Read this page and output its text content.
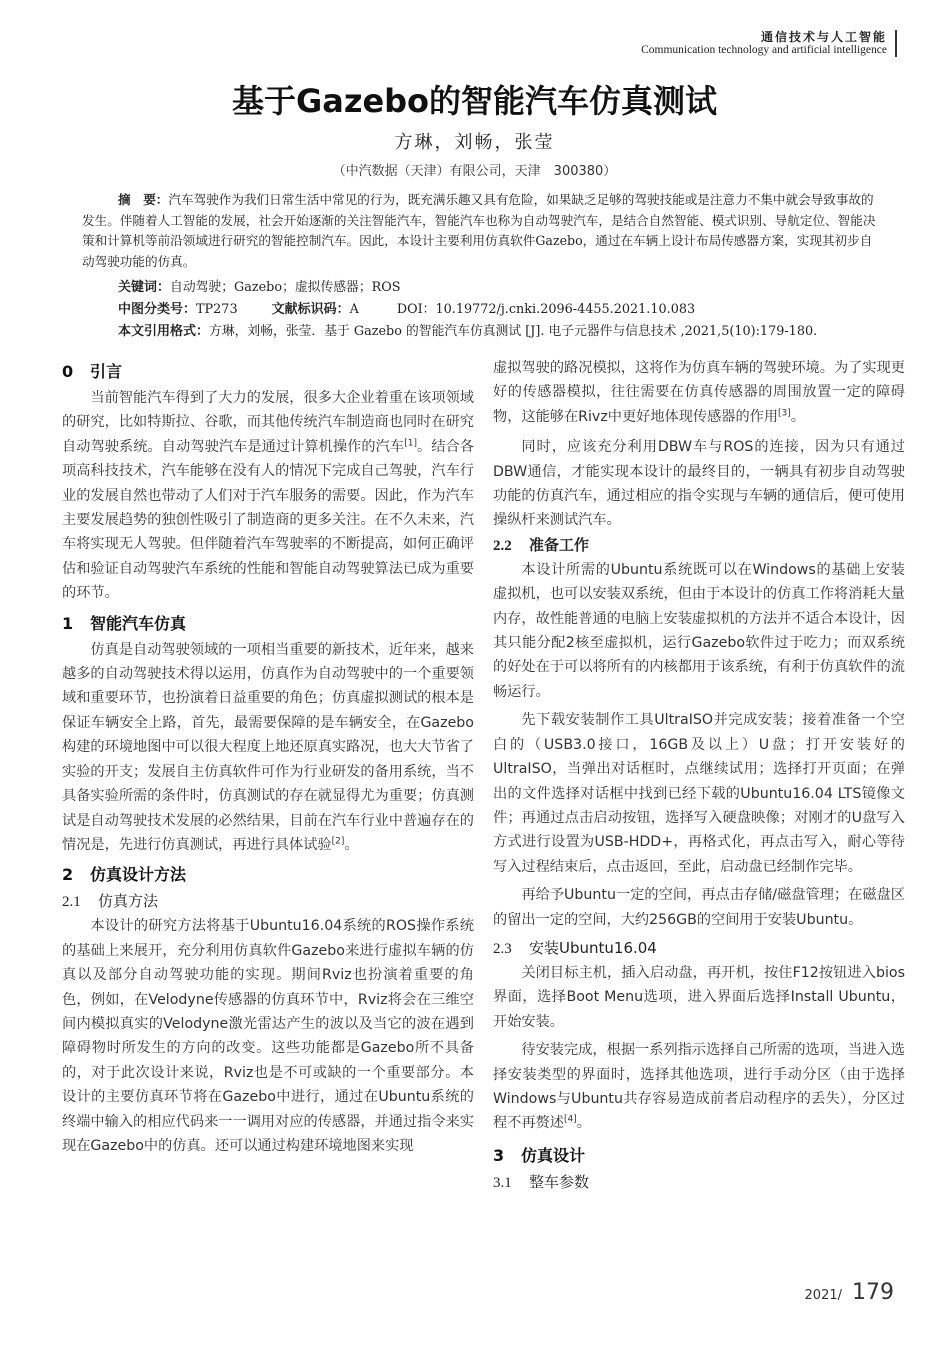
通信技术与人工智能
Communication technology and artificial intelligence
基于Gazebo的智能汽车仿真测试
方琳，刘畅，张莹
（中汽数据（天津）有限公司，天津　300380）
摘　要：汽车驾驶作为我们日常生活中常见的行为，既充满乐趣又具有危险，如果缺乏足够的驾驶技能或是注意力不集中就会导致事故的发生。伴随着人工智能的发展，社会开始逐渐的关注智能汽车，智能汽车也称为自动驾驶汽车，是结合自然智能、模式识别、导航定位、智能决策和计算机等前沿领域进行研究的智能控制汽车。因此，本设计主要利用仿真软件Gazebo，通过在车辆上设计布局传感器方案，实现其初步自动驾驶功能的仿真。
关键词：自动驾驶；Gazebo；虚拟传感器；ROS
中图分类号：TP273	文献标识码：A	DOI：10.19772/j.cnki.2096-4455.2021.10.083
本文引用格式：方琳，刘畅，张莹．基于 Gazebo 的智能汽车仿真测试 [J]. 电子元器件与信息技术 ,2021,5(10):179-180.
0 引言

当前智能汽车得到了大力的发展，很多大企业着重在该项领域的研究，比如特斯拉、谷歌，而其他传统汽车制造商也同时在研究自动驾驶系统。自动驾驶汽车是通过计算机操作的汽车[1]。结合各项高科技技术，汽车能够在没有人的情况下完成自己驾驶，汽车行业的发展自然也带动了人们对于汽车服务的需要。因此，作为汽车主要发展趋势的独创性吸引了制造商的更多关注。在不久未来，汽车将实现无人驾驶。但伴随着汽车驾驶率的不断提高，如何正确评估和验证自动驾驶汽车系统的性能和智能自动驾驶算法已成为重要的环节。

1 智能汽车仿真

仿真是自动驾驶领域的一项相当重要的新技术，近年来，越来越多的自动驾驶技术得以运用，仿真作为自动驾驶中的一个重要领域和重要环节，也扮演着日益重要的角色；仿真虚拟测试的根本是保证车辆安全上路，首先，最需要保障的是车辆安全，在Gazebo构建的环境地图中可以很大程度上地还原真实路况，也大大节省了实验的开支；发展自主仿真软件可作为行业研发的备用系统，当不具备实验所需的条件时，仿真测试的存在就显得尤为重要；仿真测试是自动驾驶技术发展的必然结果，目前在汽车行业中普遍存在的情况是，先进行仿真测试，再进行具体试验[2]。

2 仿真设计方法
2.1 仿真方法

本设计的研究方法将基于Ubuntu16.04系统的ROS操作系统的基础上来展开，充分利用仿真软件Gazebo来进行虚拟车辆的仿真以及部分自动驾驶功能的实现。期间Rviz也扮演着重要的角色，例如，在Velodyne传感器的仿真环节中，Rviz将会在三维空间内模拟真实的Velodyne激光雷达产生的波以及当它的波在遇到障碍物时所发生的方向的改变。这些功能都是Gazebo所不具备的，对于此次设计来说，Rviz也是不可或缺的一个重要部分。本设计的主要仿真环节将在Gazebo中进行，通过在Ubuntu系统的终端中输入的相应代码来一一调用对应的传感器，并通过指令来实现在Gazebo中的仿真。还可以通过构建环境地图来实现

虚拟驾驶的路况模拟，这将作为仿真车辆的驾驶环境。为了实现更好的传感器模拟，往往需要在仿真传感器的周围放置一定的障碍物，这能够在Rivz中更好地体现传感器的作用[3]。

同时，应该充分利用DBW车与ROS的连接，因为只有通过DBW通信，才能实现本设计的最终目的，一辆具有初步自动驾驶功能的仿真汽车，通过相应的指令实现与车辆的通信后，便可使用操纵杆来测试汽车。

2.2 准备工作

本设计所需的Ubuntu系统既可以在Windows的基础上安装虚拟机，也可以安装双系统，但由于本设计的仿真工作将消耗大量内存，故性能普通的电脑上安装虚拟机的方法并不适合本设计，因其只能分配2核至虚拟机，运行Gazebo软件过于吃力；而双系统的好处在于可以将所有的内核都用于该系统，有利于仿真软件的流畅运行。

先下载安装制作工具UltraISO并完成安装；接着准备一个空白的（USB3.0接口，16GB及以上）U盘；打开安装好的UltraISO，当弹出对话框时，点继续试用；选择打开页面；在弹出的文件选择对话框中找到已经下载的Ubuntu16.04 LTS镜像文件；再通过点击启动按钮，选择写入硬盘映像；对刚才的U盘写入方式进行设置为USB-HDD+，再格式化，再点击写入，耐心等待写入过程结束后，点击返回，至此，启动盘已经制作完毕。

再给予Ubuntu一定的空间，再点击存储/磁盘管理；在磁盘区的留出一定的空间，大约256GB的空间用于安装Ubuntu。

2.3 安装Ubuntu16.04

关闭目标主机，插入启动盘，再开机，按住F12按钮进入bios界面，选择Boot Menu选项，进入界面后选择Install Ubuntu，开始安装。

待安装完成，根据一系列指示选择自己所需的选项，当进入选择安装类型的界面时，选择其他选项，进行手动分区（由于选择Windows与Ubuntu共存容易造成前者启动程序的丢失），分区过程不再赘述[4]。

3 仿真设计
3.1 整车参数
2021/ 179
